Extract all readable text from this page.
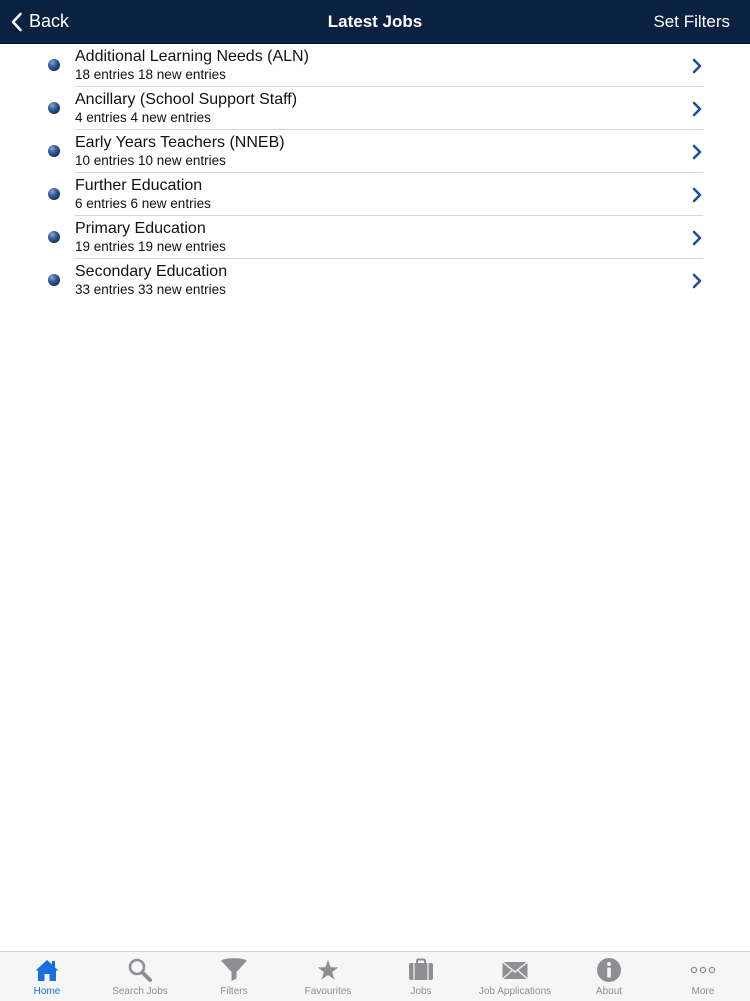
Back	Latest Jobs	Set Filters
Additional Learning Needs (ALN)
18 entries 18 new entries
Ancillary (School Support Staff)
4 entries 4 new entries
Early Years Teachers (NNEB)
10 entries 10 new entries
Further Education
6 entries 6 new entries
Primary Education
19 entries 19 new entries
Secondary Education
33 entries 33 new entries
Home	Search Jobs	Filters	Favourites	Jobs	Job Applications	About	More
